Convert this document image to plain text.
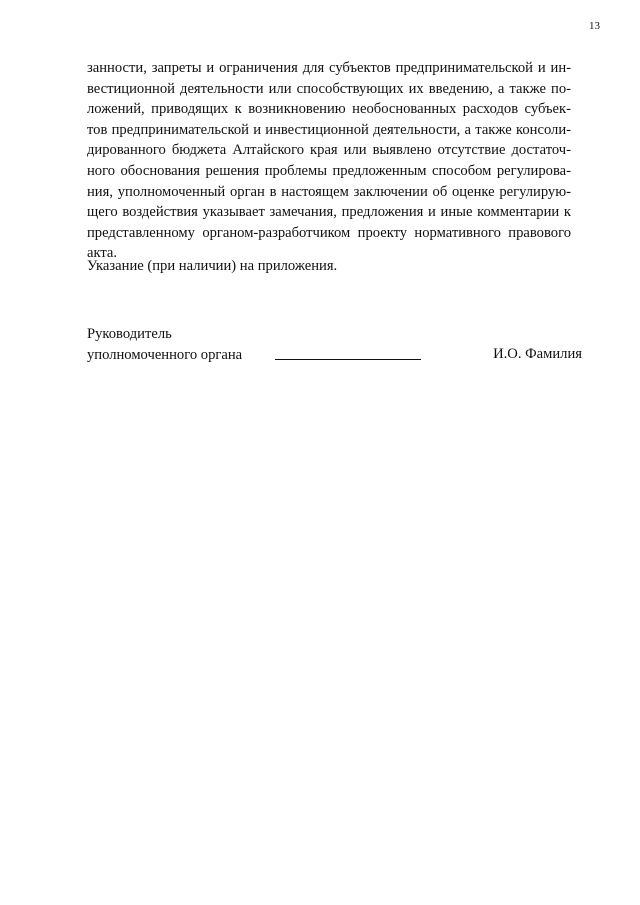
13
занности, запреты и ограничения для субъектов предпринимательской и ин-
вестиционной деятельности или способствующих их введению, а также по-
ложений, приводящих к возникновению необоснованных расходов субъек-
тов предпринимательской и инвестиционной деятельности, а также консоли-
дированного бюджета Алтайского края или выявлено отсутствие достаточ-
ного обоснования решения проблемы предложенным способом регулирова-
ния, уполномоченный орган в настоящем заключении об оценке регулирую-
щего воздействия указывает замечания, предложения и иные комментарии к
представленному органом-разработчиком проекту нормативного правового
акта.

Указание (при наличии) на приложения.

Руководитель
уполномоченного органа	И.О. Фамилия
